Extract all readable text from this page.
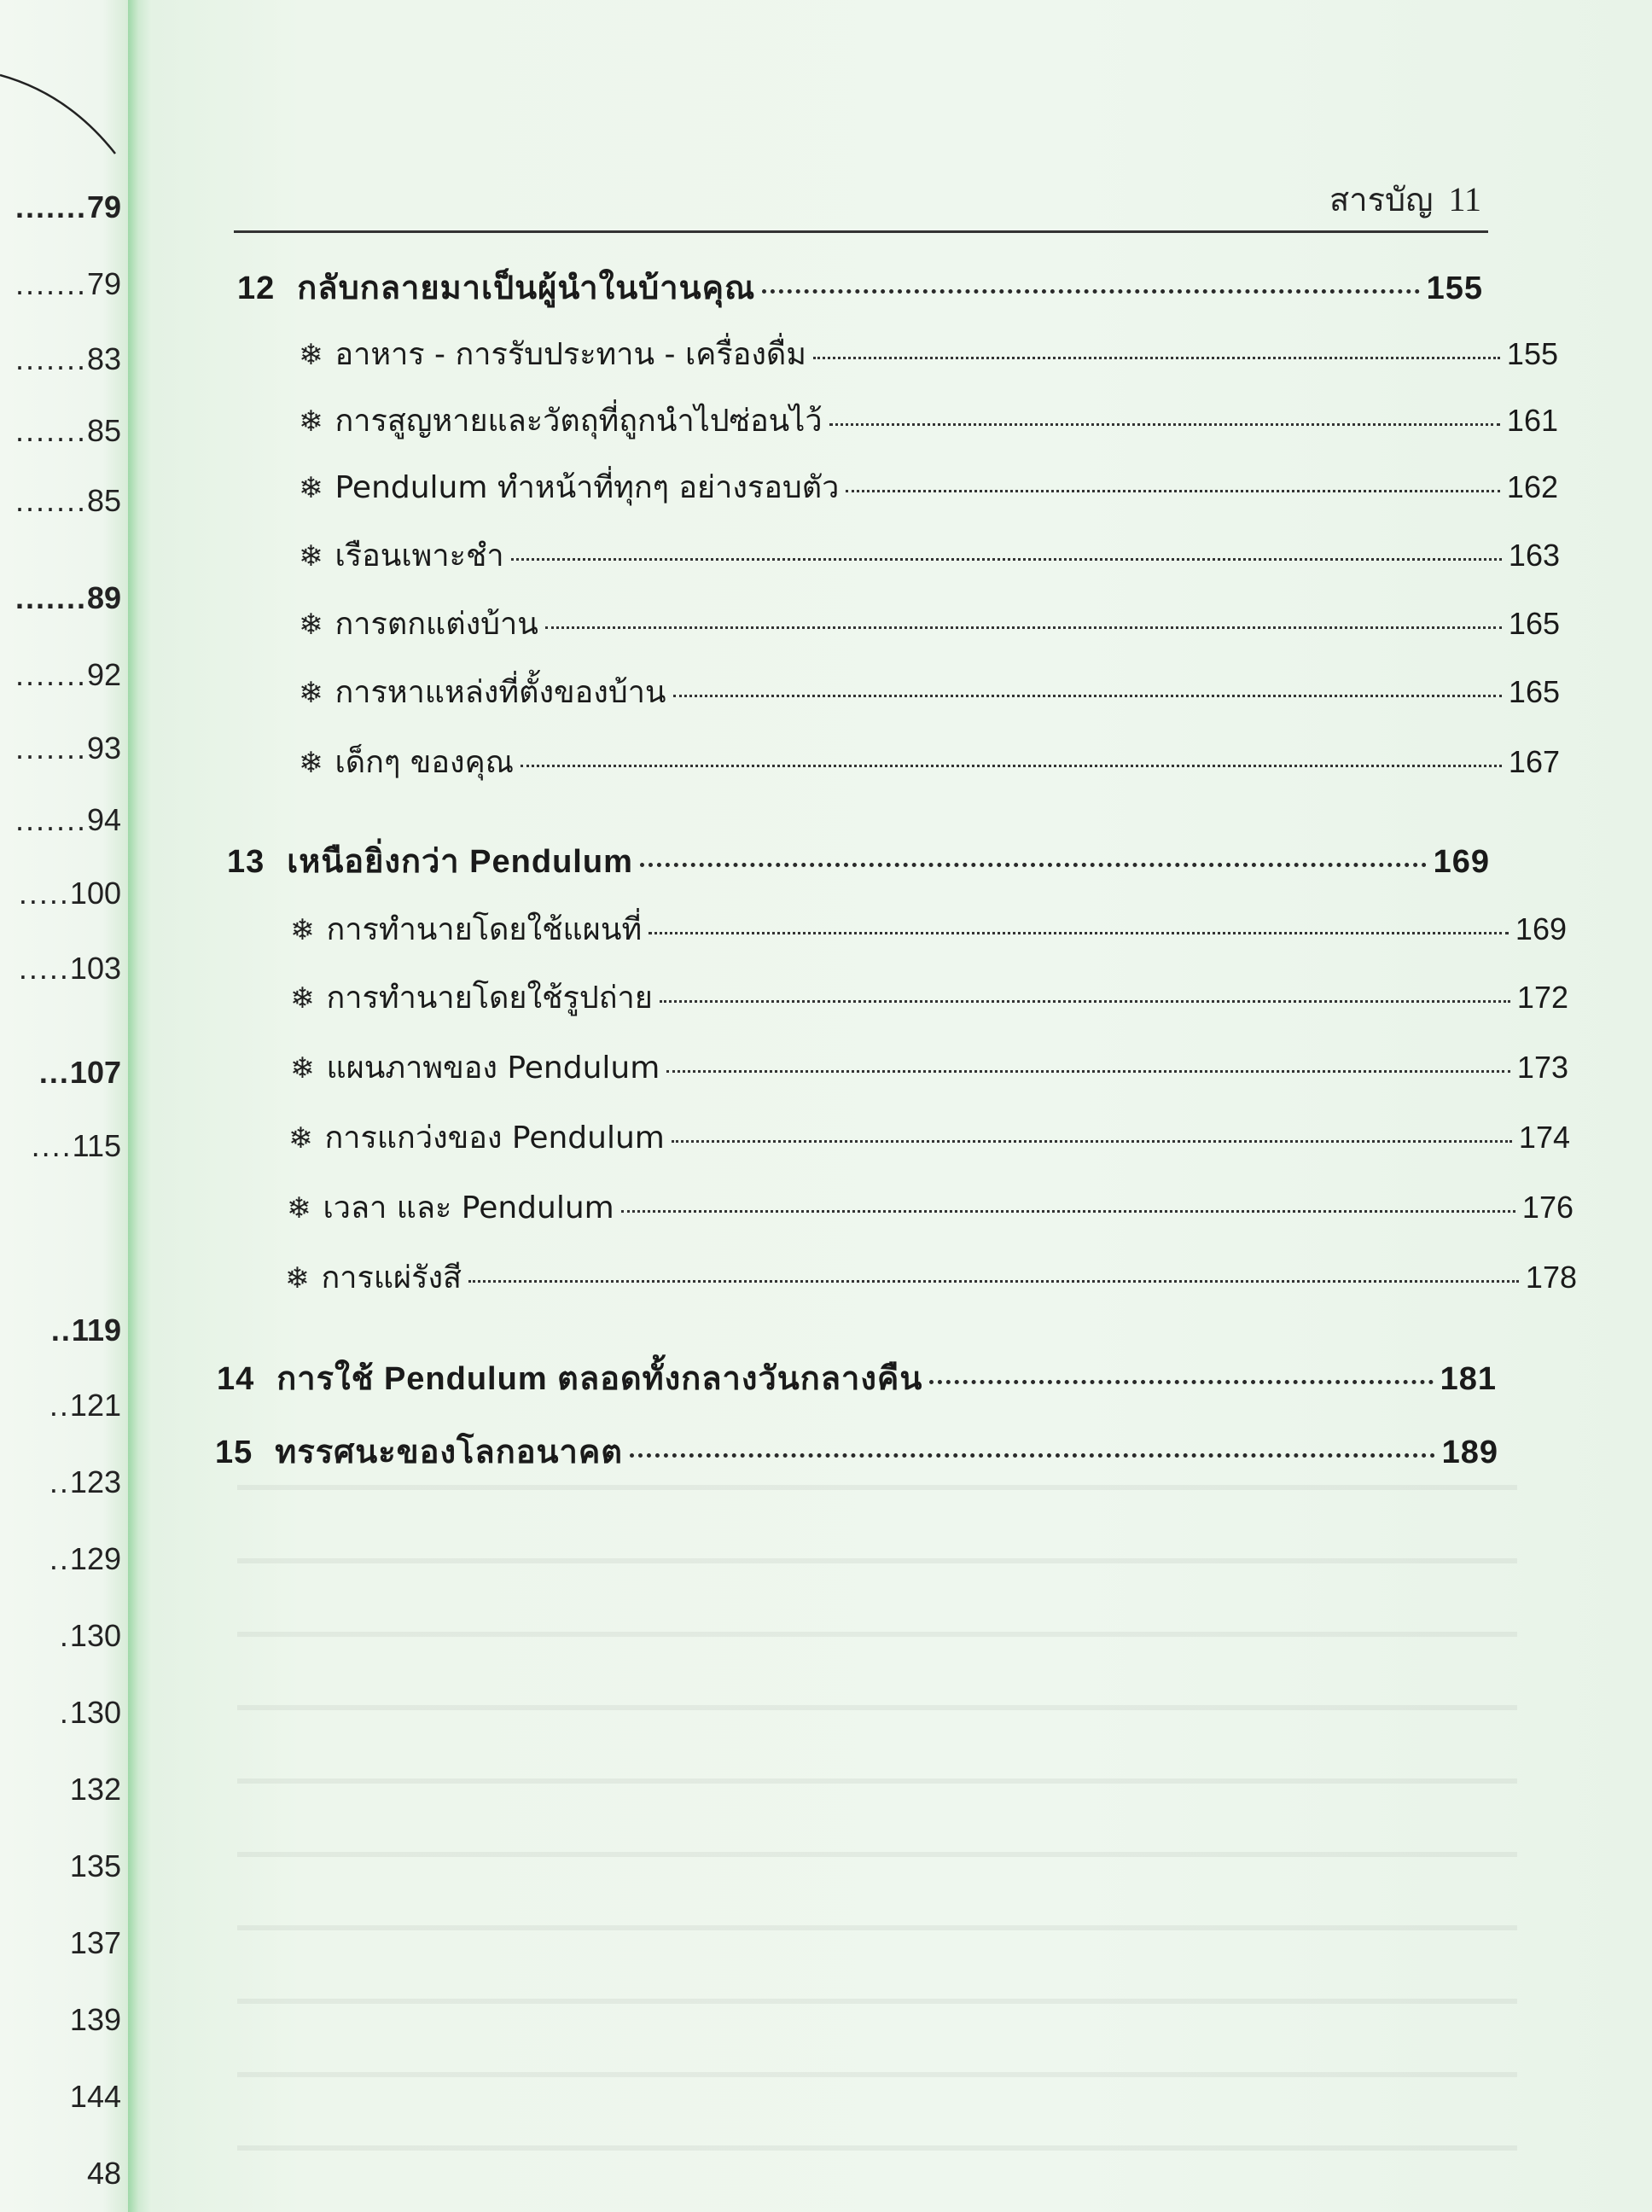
.......79
.......79
.......83
.......85
.......85
.......89
.......92
.......93
.......94
.....100
.....103
...107
....115
..119
..121
..123
..129
.130
.130
132
135
137
139
144
48
สารบัญ 11
12 กลับกลายมาเป็นผู้นำในบ้านคุณ	155
❄ อาหาร - การรับประทาน - เครื่องดื่ม	155
❄ การสูญหายและวัตถุที่ถูกนำไปซ่อนไว้	161
❄ Pendulum ทำหน้าที่ทุกๆ อย่างรอบตัว	162
❄ เรือนเพาะชำ	163
❄ การตกแต่งบ้าน	165
❄ การหาแหล่งที่ตั้งของบ้าน	165
❄ เด็กๆ ของคุณ	167
13 เหนือยิ่งกว่า Pendulum	169
❄ การทำนายโดยใช้แผนที่	169
❄ การทำนายโดยใช้รูปถ่าย	172
❄ แผนภาพของ Pendulum	173
❄ การแกว่งของ Pendulum	174
❄ เวลา และ Pendulum	176
❄ การแผ่รังสี	178
14 การใช้ Pendulum ตลอดทั้งกลางวันกลางคืน	181
15 ทรรศนะของโลกอนาคต	189
